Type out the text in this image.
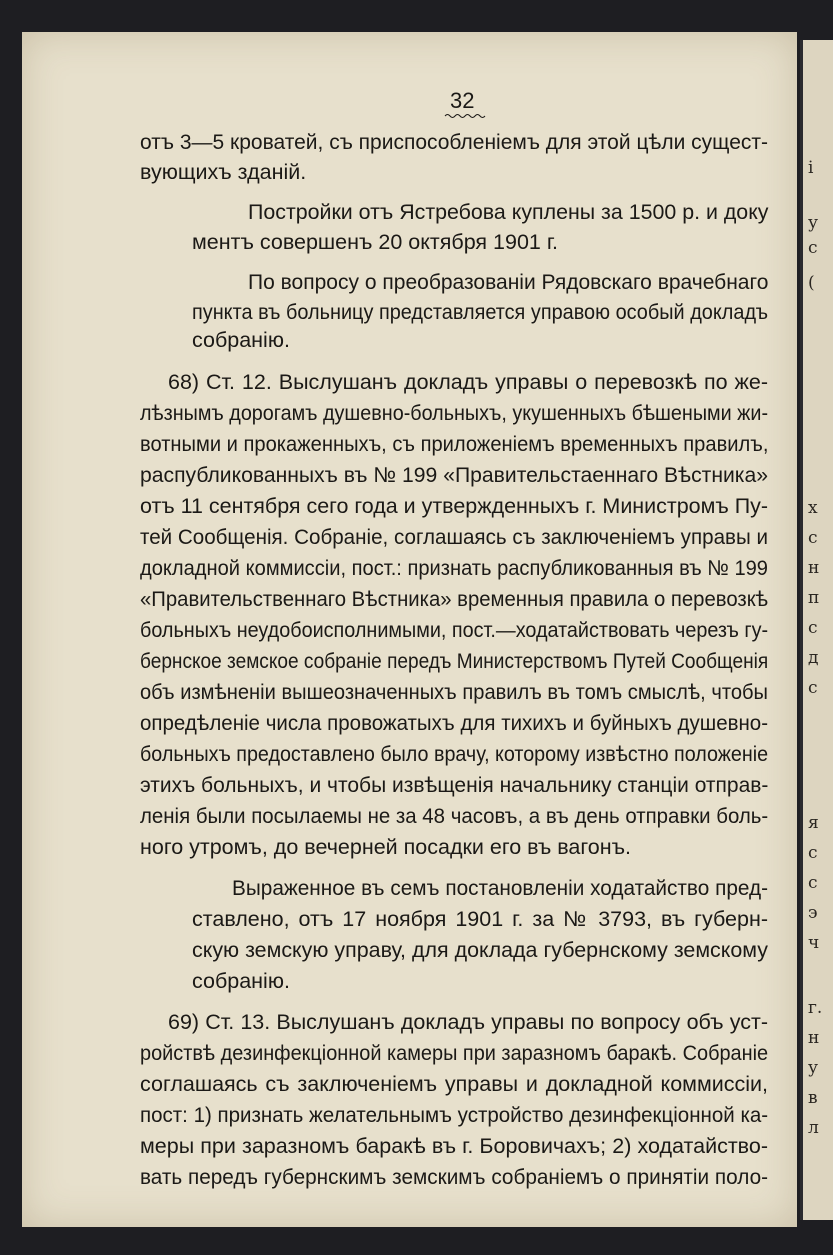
32
отъ 3—5 кроватей, съ приспособленіемъ для этой цѣли сущест-
вующихъ зданій.
Постройки отъ Ястребова куплены за 1500 р. и доку
ментъ совершенъ 20 октября 1901 г.
По вопросу о преобразованіи Рядовскаго врачебнаго
пункта въ больницу представляется управою особый докладъ
собранію.
68) Ст. 12. Выслушанъ докладъ управы о перевозкѣ по же-
лѣзнымъ дорогамъ душевно-больныхъ, укушенныхъ бѣшеными жи-
вотными и прокаженныхъ, съ приложеніемъ временныхъ правилъ,
распубликованныхъ въ № 199 «Правительстаеннаго Вѣстника»
отъ 11 сентября сего года и утвержденныхъ г. Министромъ Пу-
тей Сообщенія. Собраніе, соглашаясь съ заключеніемъ управы и
докладной коммиссіи, пост.: признать распубликованныя въ № 199
«Правительственнаго Вѣстника» временныя правила о перевозкѣ
больныхъ неудобоисполнимыми, пост.—ходатайствовать черезъ гу-
бернское земское собраніе передъ Министерствомъ Путей Сообщенія
объ измѣненіи вышеозначенныхъ правилъ въ томъ смыслѣ, чтобы
опредѣленіе числа провожатыхъ для тихихъ и буйныхъ душевно-
больныхъ предоставлено было врачу, которому извѣстно положеніе
этихъ больныхъ, и чтобы извѣщенія начальнику станціи отправ-
ленія были посылаемы не за 48 часовъ, а въ день отправки боль-
ного утромъ, до вечерней посадки его въ вагонъ.
Выраженное въ семъ постановленіи ходатайство пред-
ставлено, отъ 17 ноября 1901 г. за № 3793, въ губерн-
скую земскую управу, для доклада губернскому земскому
собранію.
69) Ст. 13. Выслушанъ докладъ управы по вопросу объ уст-
ройствѣ дезинфекціонной камеры при заразномъ баракѣ. Собраніе
соглашаясь съ заключеніемъ управы и докладной коммиссіи,
пост: 1) признать желательнымъ устройство дезинфекціонной ка-
меры при заразномъ баракѣ въ г. Боровичахъ; 2) ходатайство-
вать передъ губернскимъ земскимъ собраніемъ о принятіи поло-
і
у
с
(
х
с
н
п
с
д
с
я
с
с
э
ч
г.
н
у
в
л
